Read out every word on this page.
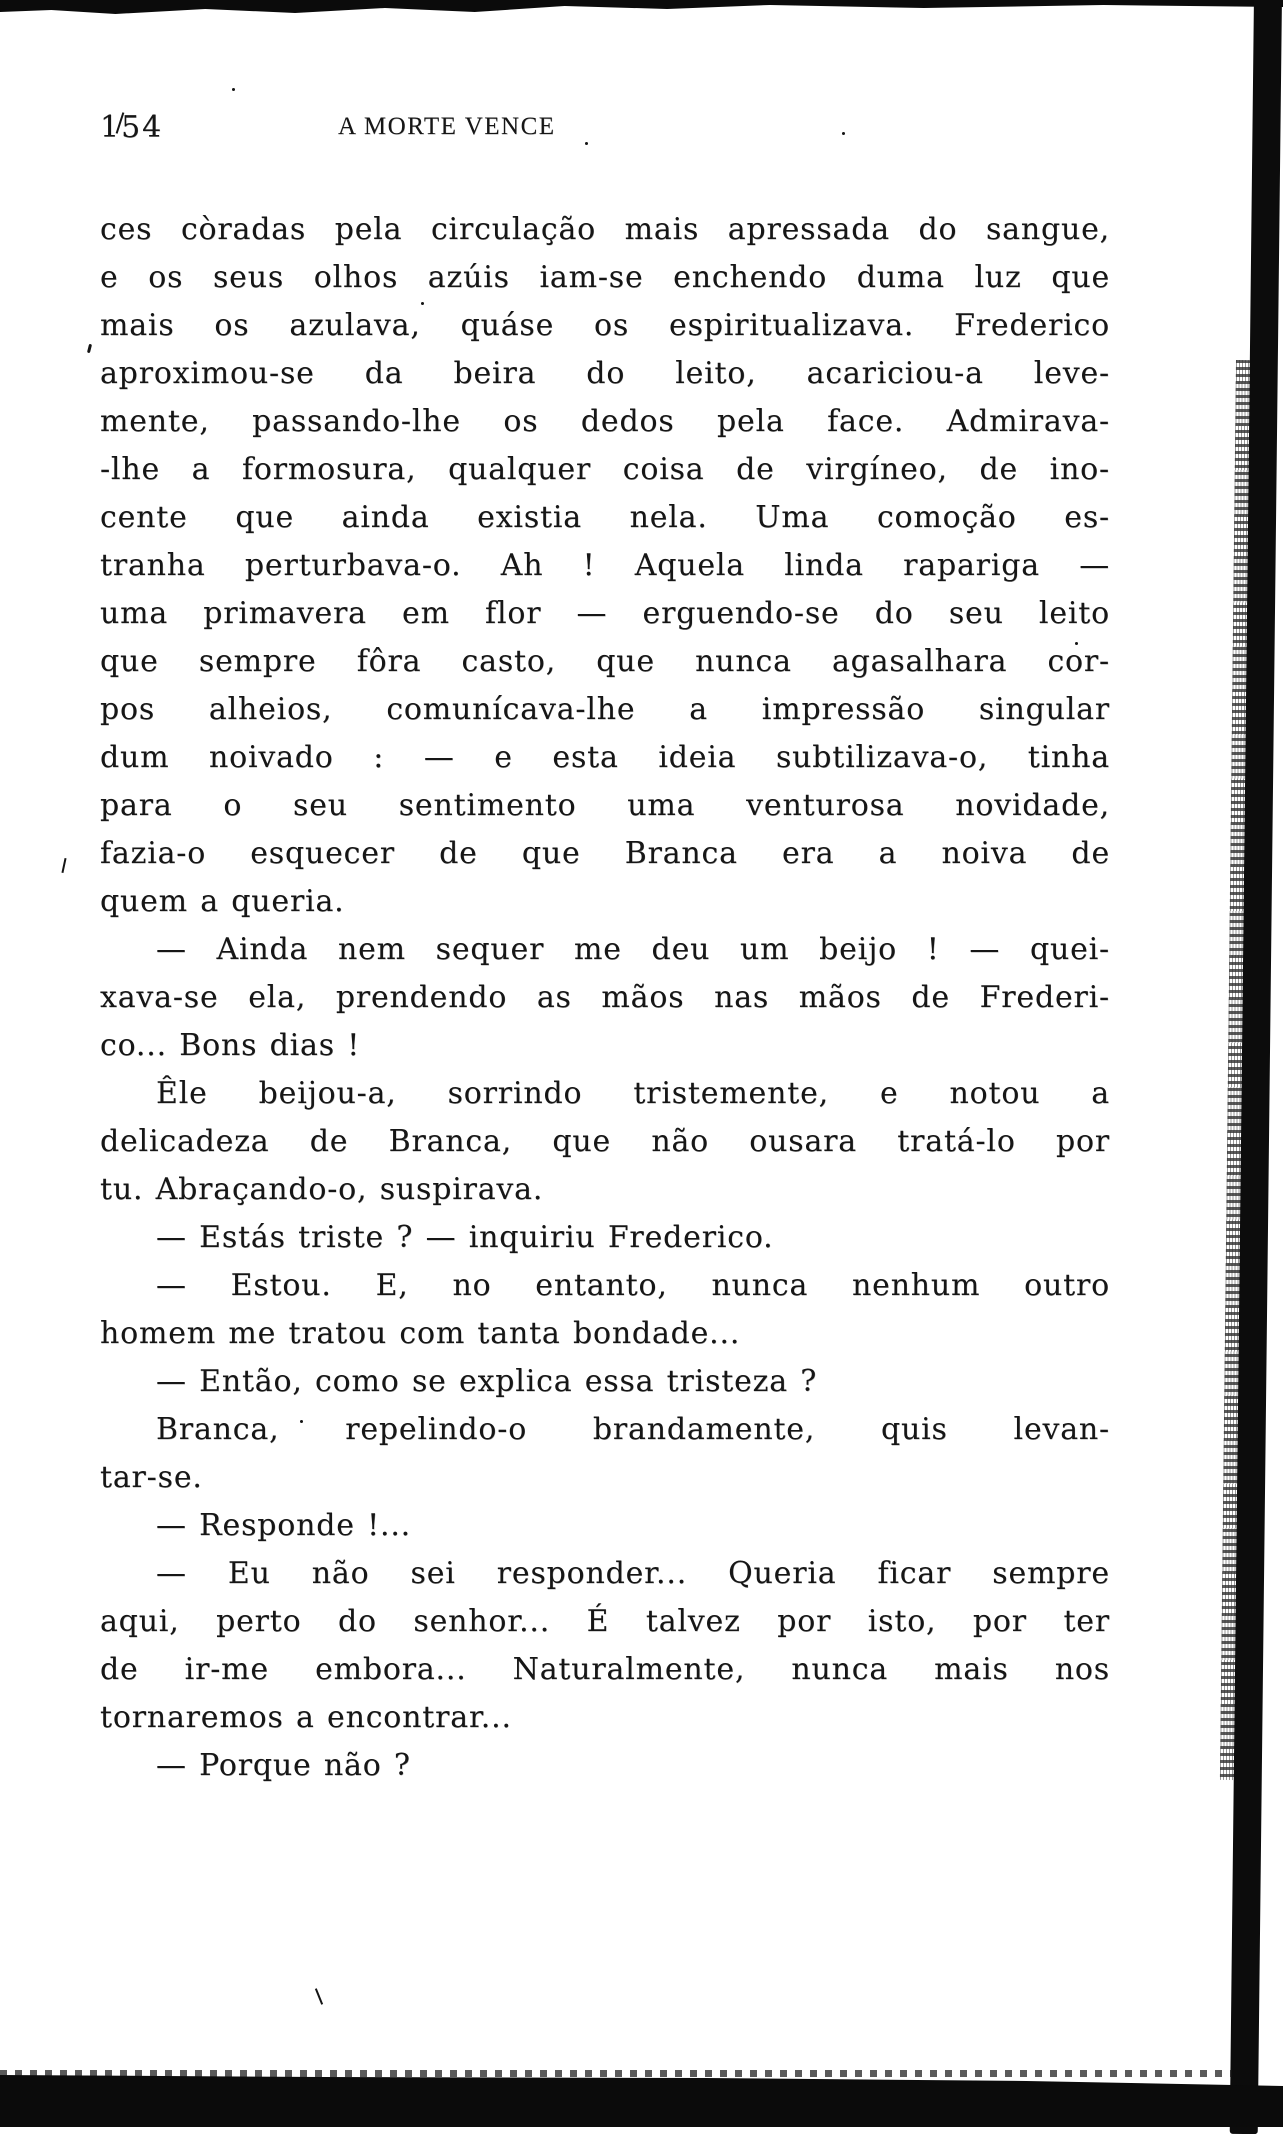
154	A MORTE VENCE
ces còradas pela circulação mais apressada do sangue,
e os seus olhos azúis iam-se enchendo duma luz que
mais os azulava, quáse os espiritualizava. Frederico
aproximou-se da beira do leito, acariciou-a leve-
mente, passando-lhe os dedos pela face. Admirava-
-lhe a formosura, qualquer coisa de virgíneo, de ino-
cente que ainda existia nela. Uma comoção es-
tranha perturbava-o. Ah ! Aquela linda rapariga —
uma primavera em flor — erguendo-se do seu leito
que sempre fôra casto, que nunca agasalhara cor-
pos alheios, comunícava-lhe a impressão singular
dum noivado : — e esta ideia subtilizava-o, tinha
para o seu sentimento uma venturosa novidade,
fazia-o esquecer de que Branca era a noiva de
quem a queria.
— Ainda nem sequer me deu um beijo ! — quei-
xava-se ela, prendendo as mãos nas mãos de Frederi-
co... Bons dias !
Êle beijou-a, sorrindo tristemente, e notou a
delicadeza de Branca, que não ousara tratá-lo por
tu. Abraçando-o, suspirava.
— Estás triste ? — inquiriu Frederico.
— Estou. E, no entanto, nunca nenhum outro
homem me tratou com tanta bondade...
— Então, como se explica essa tristeza ?
Branca, repelindo-o brandamente, quis levan-
tar-se.
— Responde !...
— Eu não sei responder... Queria ficar sempre
aqui, perto do senhor... É talvez por isto, por ter
de ir-me embora... Naturalmente, nunca mais nos
tornaremos a encontrar...
— Porque não ?
